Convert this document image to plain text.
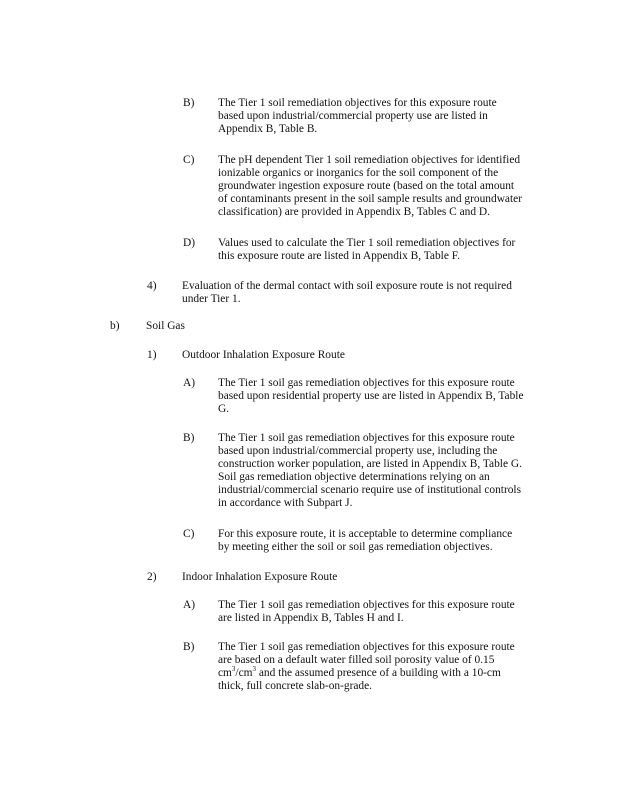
B) The Tier 1 soil remediation objectives for this exposure route
based upon industrial/commercial property use are listed in
Appendix B, Table B.
C) The pH dependent Tier 1 soil remediation objectives for identified
ionizable organics or inorganics for the soil component of the
groundwater ingestion exposure route (based on the total amount
of contaminants present in the soil sample results and groundwater
classification) are provided in Appendix B, Tables C and D.
D) Values used to calculate the Tier 1 soil remediation objectives for
this exposure route are listed in Appendix B, Table F.
4) Evaluation of the dermal contact with soil exposure route is not required
under Tier 1.
b) Soil Gas
1) Outdoor Inhalation Exposure Route
A) The Tier 1 soil gas remediation objectives for this exposure route
based upon residential property use are listed in Appendix B, Table
G.
B) The Tier 1 soil gas remediation objectives for this exposure route
based upon industrial/commercial property use, including the
construction worker population, are listed in Appendix B, Table G.
Soil gas remediation objective determinations relying on an
industrial/commercial scenario require use of institutional controls
in accordance with Subpart J.
C) For this exposure route, it is acceptable to determine compliance
by meeting either the soil or soil gas remediation objectives.
2) Indoor Inhalation Exposure Route
A) The Tier 1 soil gas remediation objectives for this exposure route
are listed in Appendix B, Tables H and I.
B) The Tier 1 soil gas remediation objectives for this exposure route
are based on a default water filled soil porosity value of 0.15
$cm^3/cm^3$ and the assumed presence of a building with a 10-cm
thick, full concrete slab-on-grade.
